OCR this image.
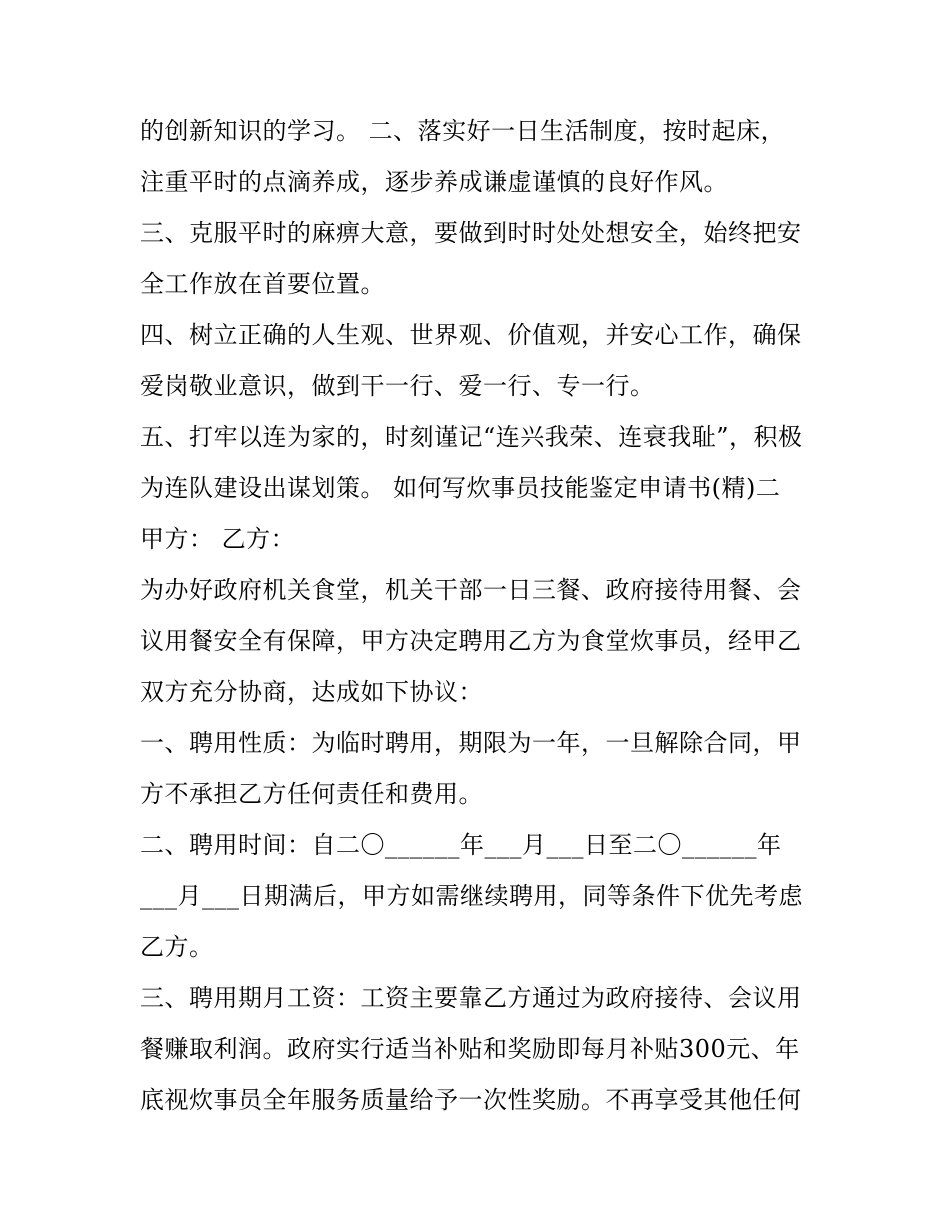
的创新知识的学习。 二、落实好一日生活制度，按时起床，

注重平时的点滴养成，逐步养成谦虚谨慎的良好作风。

三、克服平时的麻痹大意，要做到时时处处想安全，始终把安

全工作放在首要位置。

四、树立正确的人生观、世界观、价值观，并安心工作，确保

爱岗敬业意识，做到干一行、爱一行、专一行。

五、打牢以连为家的，时刻谨记“连兴我荣、连衰我耻”，积极

为连队建设出谋划策。 如何写炊事员技能鉴定申请书(精)二

甲方： 乙方：

为办好政府机关食堂，机关干部一日三餐、政府接待用餐、会

议用餐安全有保障，甲方决定聘用乙方为食堂炊事员，经甲乙

双方充分协商，达成如下协议：

一、聘用性质：为临时聘用，期限为一年，一旦解除合同，甲

方不承担乙方任何责任和费用。

二、聘用时间：自二〇______年___月___日至二〇______年

___月___日期满后，甲方如需继续聘用，同等条件下优先考虑

乙方。

三、聘用期月工资：工资主要靠乙方通过为政府接待、会议用

餐赚取利润。政府实行适当补贴和奖励即每月补贴300元、年

底视炊事员全年服务质量给予一次性奖励。不再享受其他任何
